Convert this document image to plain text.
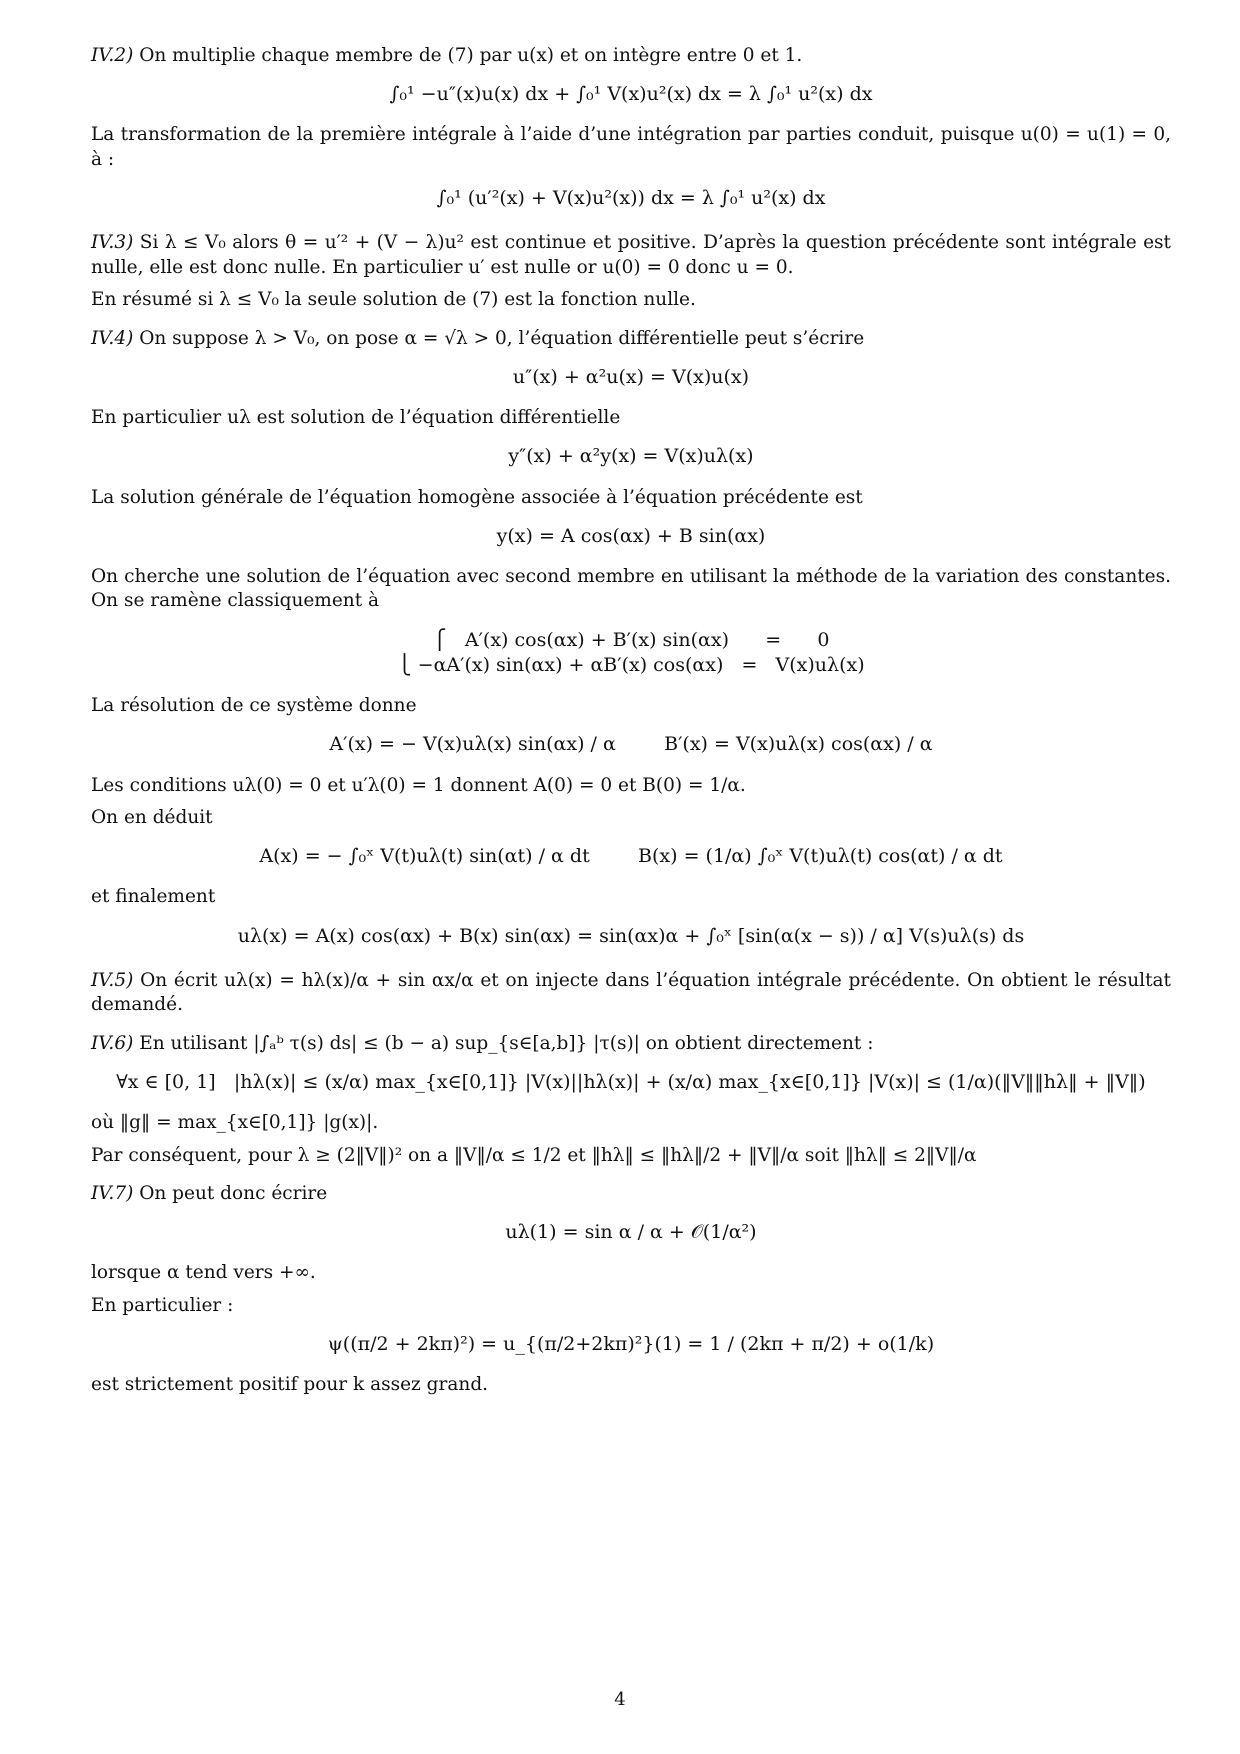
IV.2) On multiplie chaque membre de (7) par u(x) et on intègre entre 0 et 1.

∫₀¹ −u″(x)u(x) dx + ∫₀¹ V(x)u²(x) dx = λ ∫₀¹ u²(x) dx

La transformation de la première intégrale à l’aide d’une intégration par parties conduit, puisque u(0) = u(1) = 0, à :

∫₀¹ (u′²(x) + V(x)u²(x)) dx = λ ∫₀¹ u²(x) dx

IV.3) Si λ ≤ V₀ alors θ = u′² + (V − λ)u² est continue et positive. D’après la question précédente sont intégrale est nulle, elle est donc nulle. En particulier u′ est nulle or u(0) = 0 donc u = 0.

En résumé si λ ≤ V₀ la seule solution de (7) est la fonction nulle.

IV.4) On suppose λ > V₀, on pose α = √λ > 0, l’équation différentielle peut s’écrire

u″(x) + α²u(x) = V(x)u(x)

En particulier uλ est solution de l’équation différentielle

y″(x) + α²y(x) = V(x)uλ(x)

La solution générale de l’équation homogène associée à l’équation précédente est

y(x) = A cos(αx) + B sin(αx)

On cherche une solution de l’équation avec second membre en utilisant la méthode de la variation des constantes. On se ramène classiquement à

⎧   A′(x) cos(αx) + B′(x) sin(αx)      =      0
⎩ −αA′(x) sin(αx) + αB′(x) cos(αx)   =   V(x)uλ(x)

La résolution de ce système donne

A′(x) = − V(x)uλ(x) sin(αx) / α        B′(x) = V(x)uλ(x) cos(αx) / α

Les conditions uλ(0) = 0 et u′λ(0) = 1 donnent A(0) = 0 et B(0) = 1/α.

On en déduit

A(x) = − ∫₀ˣ V(t)uλ(t) sin(αt) / α dt        B(x) = (1/α) ∫₀ˣ V(t)uλ(t) cos(αt) / α dt

et finalement

uλ(x) = A(x) cos(αx) + B(x) sin(αx) = sin(αx)α + ∫₀ˣ [sin(α(x − s)) / α] V(s)uλ(s) ds

IV.5) On écrit uλ(x) = hλ(x)/α + sin αx/α et on injecte dans l’équation intégrale précédente. On obtient le résultat demandé.

IV.6) En utilisant |∫ₐᵇ τ(s) ds| ≤ (b − a) sup_{s∈[a,b]} |τ(s)| on obtient directement :

∀x ∈ [0, 1]   |hλ(x)| ≤ (x/α) max_{x∈[0,1]} |V(x)||hλ(x)| + (x/α) max_{x∈[0,1]} |V(x)| ≤ (1/α)(‖V‖‖hλ‖ + ‖V‖)

où ‖g‖ = max_{x∈[0,1]} |g(x)|.

Par conséquent, pour λ ≥ (2‖V‖)² on a ‖V‖/α ≤ 1/2 et ‖hλ‖ ≤ ‖hλ‖/2 + ‖V‖/α soit ‖hλ‖ ≤ 2‖V‖/α

IV.7) On peut donc écrire

uλ(1) = sin α / α + 𝒪(1/α²)

lorsque α tend vers +∞.

En particulier :

ψ((π/2 + 2kπ)²) = u_{(π/2+2kπ)²}(1) = 1 / (2kπ + π/2) + o(1/k)

est strictement positif pour k assez grand.

4
